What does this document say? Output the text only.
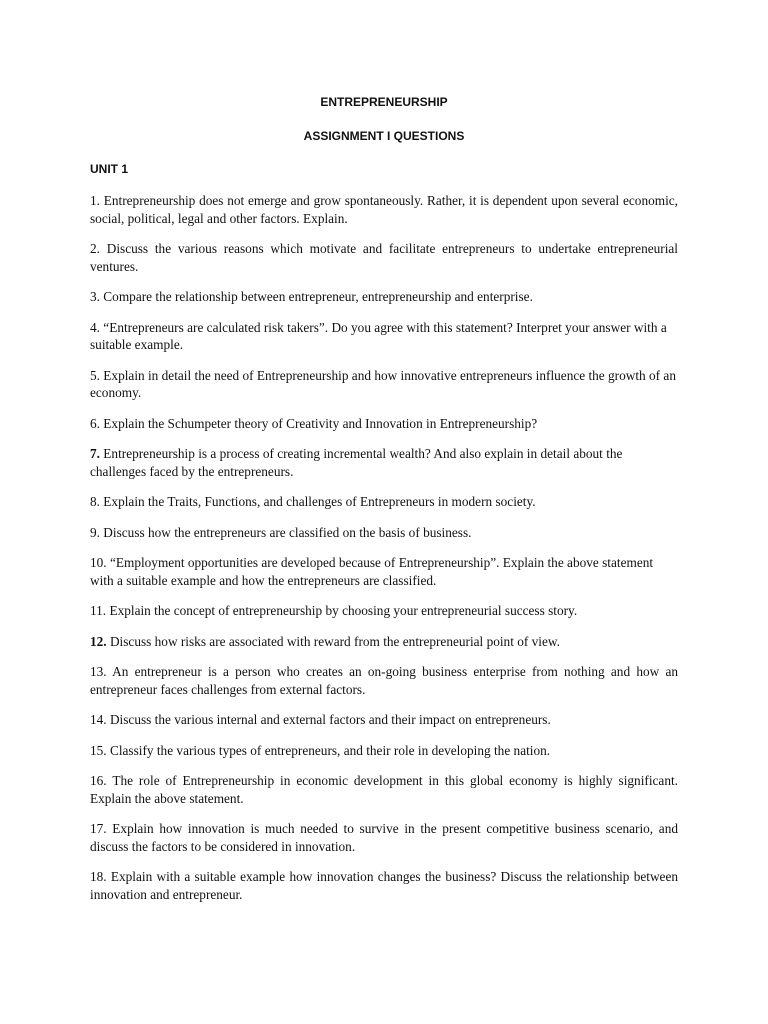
ENTREPRENEURSHIP

ASSIGNMENT I QUESTIONS

UNIT 1

1. Entrepreneurship does not emerge and grow spontaneously. Rather, it is dependent upon several economic, social, political, legal and other factors. Explain.
2. Discuss the various reasons which motivate and facilitate entrepreneurs to undertake entrepreneurial ventures.
3. Compare the relationship between entrepreneur, entrepreneurship and enterprise.
4. “Entrepreneurs are calculated risk takers”. Do you agree with this statement? Interpret your answer with a suitable example.
5. Explain in detail the need of Entrepreneurship and how innovative entrepreneurs influence the growth of an economy.
6. Explain the Schumpeter theory of Creativity and Innovation in Entrepreneurship?
7. Entrepreneurship is a process of creating incremental wealth? And also explain in detail about the challenges faced by the entrepreneurs.
8. Explain the Traits, Functions, and challenges of Entrepreneurs in modern society.
9. Discuss how the entrepreneurs are classified on the basis of business.
10. “Employment opportunities are developed because of Entrepreneurship”. Explain the above statement with a suitable example and how the entrepreneurs are classified.
11. Explain the concept of entrepreneurship by choosing your entrepreneurial success story.
12. Discuss how risks are associated with reward from the entrepreneurial point of view.
13. An entrepreneur is a person who creates an on-going business enterprise from nothing and how an entrepreneur faces challenges from external factors.
14. Discuss the various internal and external factors and their impact on entrepreneurs.
15. Classify the various types of entrepreneurs, and their role in developing the nation.
16. The role of Entrepreneurship in economic development in this global economy is highly significant. Explain the above statement.
17. Explain how innovation is much needed to survive in the present competitive business scenario, and discuss the factors to be considered in innovation.
18. Explain with a suitable example how innovation changes the business? Discuss the relationship between innovation and entrepreneur.
